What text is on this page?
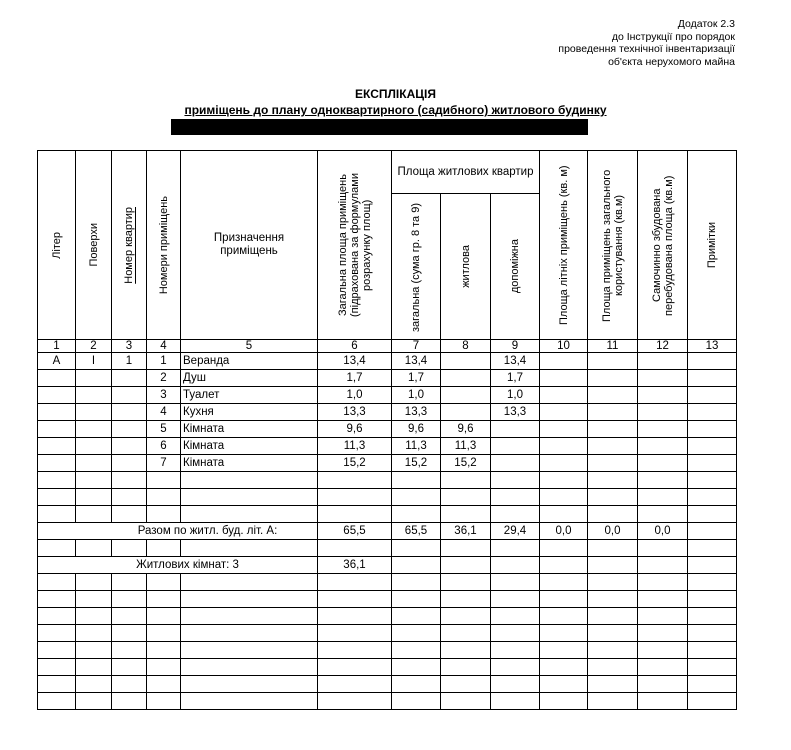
Додаток 2.3
до Інструкції про порядок
проведення технічної інвентаризації
об'єкта нерухомого майна
ЕКСПЛІКАЦІЯ
приміщень до плану одноквартирного (садибного) житлового будинку
Літер	Поверхи	Номер квартир	Номери приміщень	Призначення приміщень	Загальна площа приміщень (підрахована за формулами розрахунку площ)	Площа житлових квартир			Площа літніх приміщень (кв. м)	Площа приміщень загального користування (кв.м)	Самочинно збудована перебудована площа (кв.м)	Примітки

						загальна (сума гр. 8 та 9)	житлова	допоміжна				

1	2	3	4	5	6	7	8	9	10	11	12	13
А	І	1	1	Веранда	13,4	13,4		13,4				
			2	Душ	1,7	1,7		1,7				
			3	Туалет	1,0	1,0		1,0				
			4	Кухня	13,3	13,3		13,3				
			5	Кімната	9,6	9,6	9,6					
			6	Кімната	11,3	11,3	11,3					
			7	Кімната	15,2	15,2	15,2					

Разом по житл. буд. літ. А:					65,5	65,5	36,1	29,4	0,0	0,0	0,0	

Житлових кімнат: 3					36,1							
